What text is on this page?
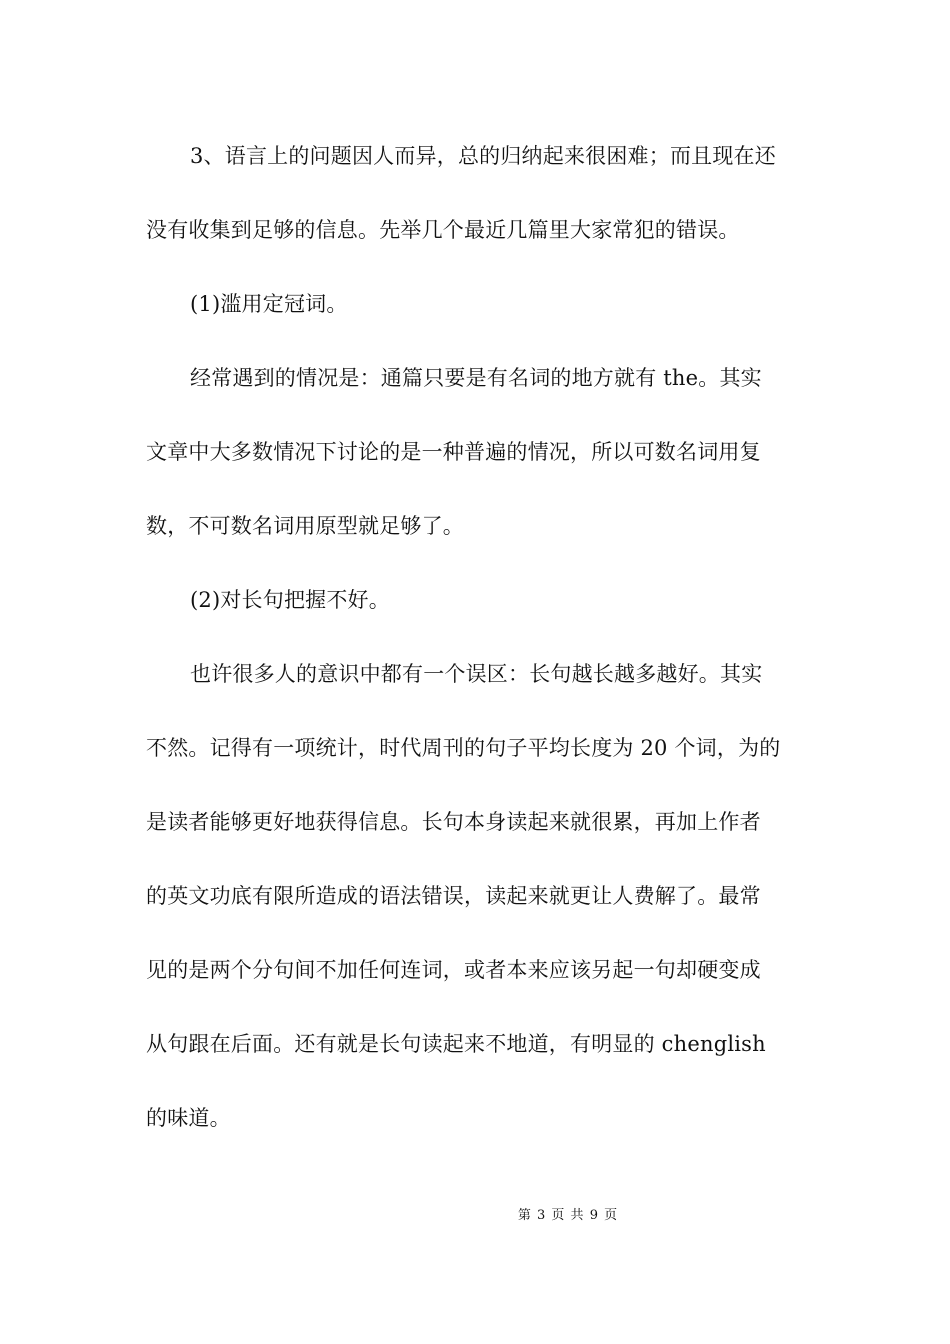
3、语言上的问题因人而异，总的归纳起来很困难；而且现在还
没有收集到足够的信息。先举几个最近几篇里大家常犯的错误。
(1)滥用定冠词。
经常遇到的情况是：通篇只要是有名词的地方就有 the。其实
文章中大多数情况下讨论的是一种普遍的情况，所以可数名词用复
数，不可数名词用原型就足够了。
(2)对长句把握不好。
也许很多人的意识中都有一个误区：长句越长越多越好。其实
不然。记得有一项统计，时代周刊的句子平均长度为 20 个词，为的
是读者能够更好地获得信息。长句本身读起来就很累，再加上作者
的英文功底有限所造成的语法错误，读起来就更让人费解了。最常
见的是两个分句间不加任何连词，或者本来应该另起一句却硬变成
从句跟在后面。还有就是长句读起来不地道，有明显的 chenglish
的味道。
第 3 页 共 9 页
